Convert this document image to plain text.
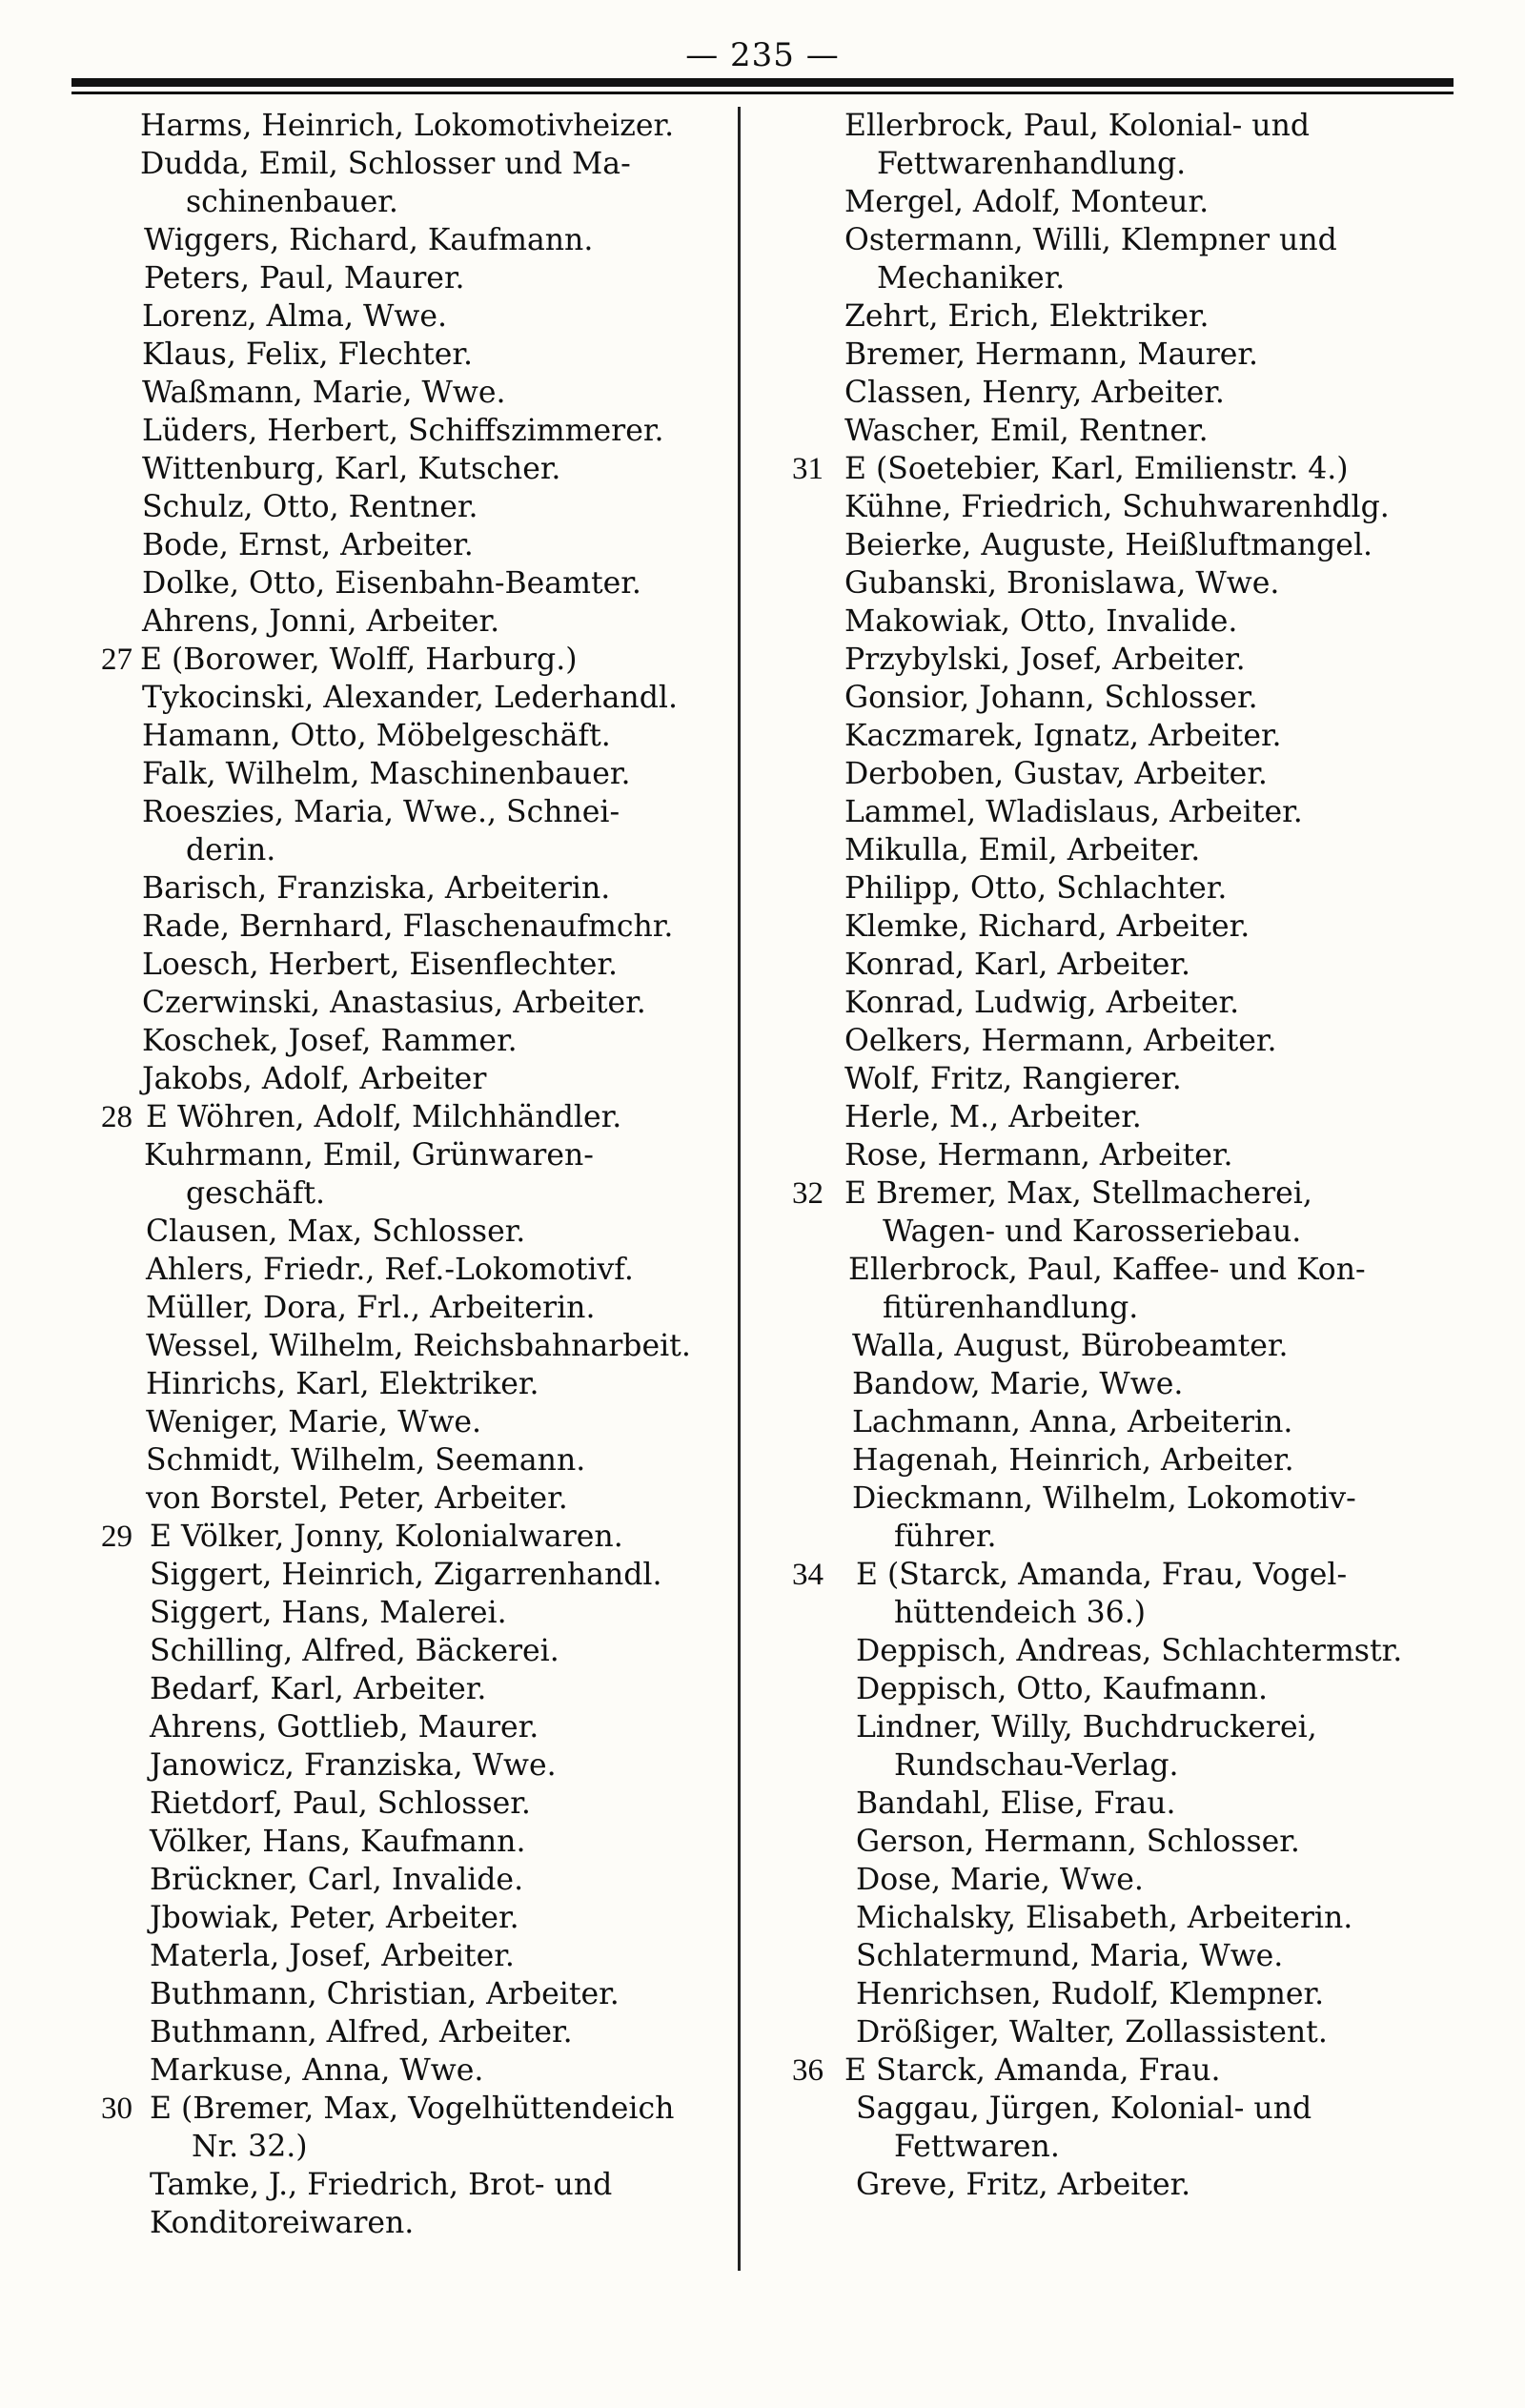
— 235 —
Harms, Heinrich, Lokomotivheizer.
Dudda, Emil, Schlosser und Ma-
schinenbauer.
Wiggers, Richard, Kaufmann.
Peters, Paul, Maurer.
Lorenz, Alma, Wwe.
Klaus, Felix, Flechter.
Waßmann, Marie, Wwe.
Lüders, Herbert, Schiffszimmerer.
Wittenburg, Karl, Kutscher.
Schulz, Otto, Rentner.
Bode, Ernst, Arbeiter.
Dolke, Otto, Eisenbahn-Beamter.
Ahrens, Jonni, Arbeiter.
27 E (Borower, Wolff, Harburg.)
Tykocinski, Alexander, Lederhandl.
Hamann, Otto, Möbelgeschäft.
Falk, Wilhelm, Maschinenbauer.
Roeszies, Maria, Wwe., Schnei-
derin.
Barisch, Franziska, Arbeiterin.
Rade, Bernhard, Flaschenaufmchr.
Loesch, Herbert, Eisenflechter.
Czerwinski, Anastasius, Arbeiter.
Koschek, Josef, Rammer.
Jakobs, Adolf, Arbeiter
28 E Wöhren, Adolf, Milchhändler.
Kuhrmann, Emil, Grünwaren-
geschäft.
Clausen, Max, Schlosser.
Ahlers, Friedr., Ref.-Lokomotivf.
Müller, Dora, Frl., Arbeiterin.
Wessel, Wilhelm, Reichsbahnarbeit.
Hinrichs, Karl, Elektriker.
Weniger, Marie, Wwe.
Schmidt, Wilhelm, Seemann.
von Borstel, Peter, Arbeiter.
29 E Völker, Jonny, Kolonialwaren.
Siggert, Heinrich, Zigarrenhandl.
Siggert, Hans, Malerei.
Schilling, Alfred, Bäckerei.
Bedarf, Karl, Arbeiter.
Ahrens, Gottlieb, Maurer.
Janowicz, Franziska, Wwe.
Rietdorf, Paul, Schlosser.
Völker, Hans, Kaufmann.
Brückner, Carl, Invalide.
Jbowiak, Peter, Arbeiter.
Materla, Josef, Arbeiter.
Buthmann, Christian, Arbeiter.
Buthmann, Alfred, Arbeiter.
Markuse, Anna, Wwe.
30 E (Bremer, Max, Vogelhüttendeich
Nr. 32.)
Tamke, J., Friedrich, Brot- und
Konditoreiwaren.
Ellerbrock, Paul, Kolonial- und
Fettwarenhandlung.
Mergel, Adolf, Monteur.
Ostermann, Willi, Klempner und
Mechaniker.
Zehrt, Erich, Elektriker.
Bremer, Hermann, Maurer.
Classen, Henry, Arbeiter.
Wascher, Emil, Rentner.
31 E (Soetebier, Karl, Emilienstr. 4.)
Kühne, Friedrich, Schuhwarenhdlg.
Beierke, Auguste, Heißluftmangel.
Gubanski, Bronislawa, Wwe.
Makowiak, Otto, Invalide.
Przybylski, Josef, Arbeiter.
Gonsior, Johann, Schlosser.
Kaczmarek, Ignatz, Arbeiter.
Derboben, Gustav, Arbeiter.
Lammel, Wladislaus, Arbeiter.
Mikulla, Emil, Arbeiter.
Philipp, Otto, Schlachter.
Klemke, Richard, Arbeiter.
Konrad, Karl, Arbeiter.
Konrad, Ludwig, Arbeiter.
Oelkers, Hermann, Arbeiter.
Wolf, Fritz, Rangierer.
Herle, M., Arbeiter.
Rose, Hermann, Arbeiter.
32 E Bremer, Max, Stellmacherei,
Wagen- und Karosseriebau.
Ellerbrock, Paul, Kaffee- und Kon-
fitürenhandlung.
Walla, August, Bürobeamter.
Bandow, Marie, Wwe.
Lachmann, Anna, Arbeiterin.
Hagenah, Heinrich, Arbeiter.
Dieckmann, Wilhelm, Lokomotiv-
führer.
34 E (Starck, Amanda, Frau, Vogel-
hüttendeich 36.)
Deppisch, Andreas, Schlachtermstr.
Deppisch, Otto, Kaufmann.
Lindner, Willy, Buchdruckerei,
Rundschau-Verlag.
Bandahl, Elise, Frau.
Gerson, Hermann, Schlosser.
Dose, Marie, Wwe.
Michalsky, Elisabeth, Arbeiterin.
Schlatermund, Maria, Wwe.
Henrichsen, Rudolf, Klempner.
Drößiger, Walter, Zollassistent.
36 E Starck, Amanda, Frau.
Saggau, Jürgen, Kolonial- und
Fettwaren.
Greve, Fritz, Arbeiter.
